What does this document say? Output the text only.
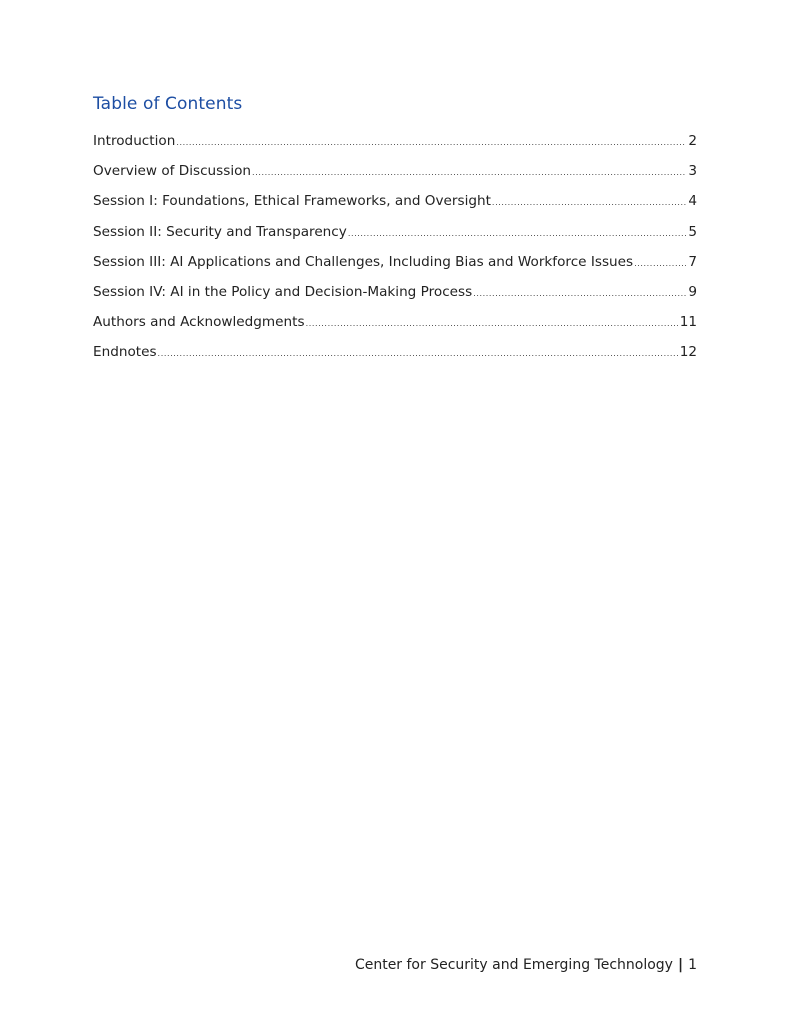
Table of Contents
Introduction .....	2
Overview of Discussion .....	3
Session I: Foundations, Ethical Frameworks, and Oversight .....	4
Session II: Security and Transparency .....	5
Session III: AI Applications and Challenges, Including Bias and Workforce Issues .....	7
Session IV: AI in the Policy and Decision-Making Process .....	9
Authors and Acknowledgments .....	11
Endnotes .....	12
Center for Security and Emerging Technology | 1
